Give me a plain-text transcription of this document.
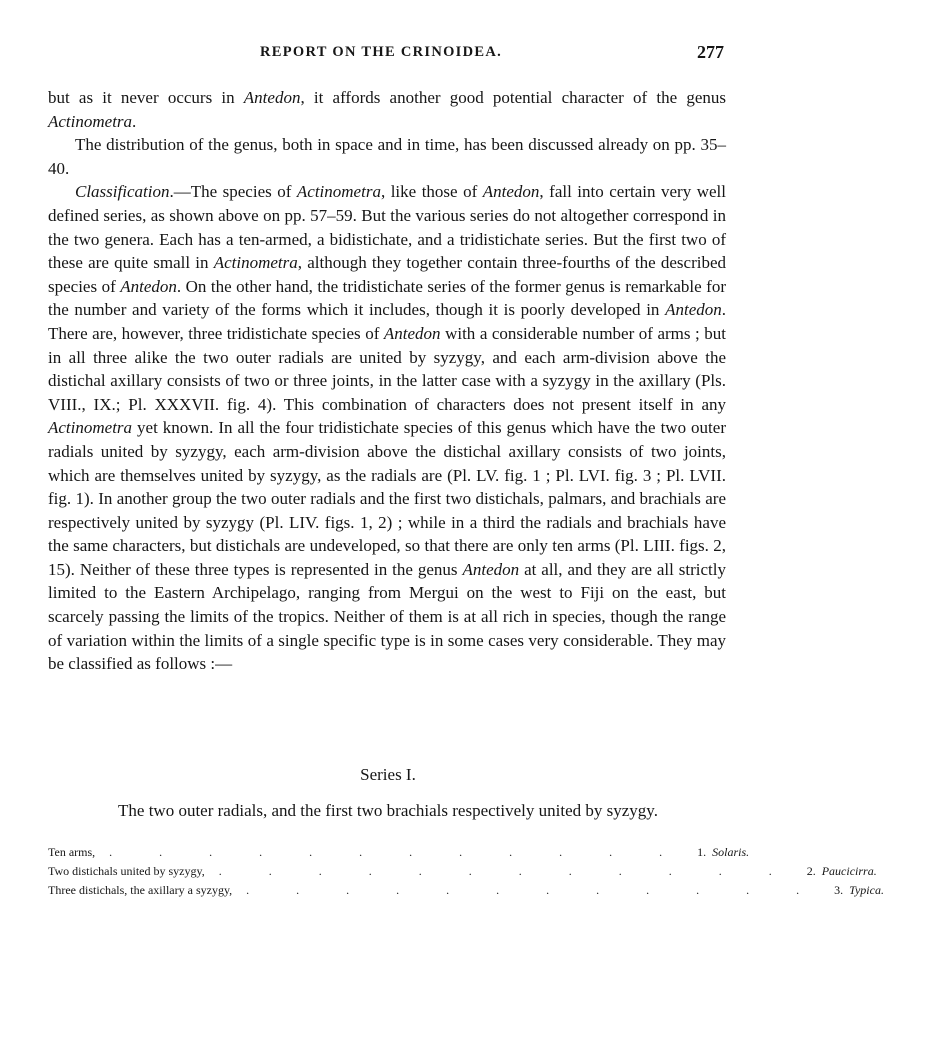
REPORT ON THE CRINOIDEA.	277

but as it never occurs in Antedon, it affords another good potential character of the genus Actinometra.

The distribution of the genus, both in space and in time, has been discussed already on pp. 35–40.

Classification.—The species of Actinometra, like those of Antedon, fall into certain very well defined series, as shown above on pp. 57–59. But the various series do not altogether correspond in the two genera. Each has a ten-armed, a bidistichate, and a tridistichate series. But the first two of these are quite small in Actinometra, although they together contain three-fourths of the described species of Antedon. On the other hand, the tridistichate series of the former genus is remarkable for the number and variety of the forms which it includes, though it is poorly developed in Antedon. There are, however, three tridistichate species of Antedon with a considerable number of arms ; but in all three alike the two outer radials are united by syzygy, and each arm-division above the distichal axillary consists of two or three joints, in the latter case with a syzygy in the axillary (Pls. VIII., IX.; Pl. XXXVII. fig. 4). This combination of characters does not present itself in any Actinometra yet known. In all the four tridistichate species of this genus which have the two outer radials united by syzygy, each arm-division above the distichal axillary consists of two joints, which are themselves united by syzygy, as the radials are (Pl. LV. fig. 1 ; Pl. LVI. fig. 3 ; Pl. LVII. fig. 1). In another group the two outer radials and the first two distichals, palmars, and brachials are respectively united by syzygy (Pl. LIV. figs. 1, 2) ; while in a third the radials and brachials have the same characters, but distichals are undeveloped, so that there are only ten arms (Pl. LIII. figs. 2, 15). Neither of these three types is represented in the genus Antedon at all, and they are all strictly limited to the Eastern Archipelago, ranging from Mergui on the west to Fiji on the east, but scarcely passing the limits of the tropics. Neither of them is at all rich in species, though the range of variation within the limits of a single specific type is in some cases very considerable. They may be classified as follows :—

Series I.
The two outer radials, and the first two brachials respectively united by syzygy.
Ten arms,	. . . . . . . . . . . .	1. Solaris.
Two distichals united by syzygy,	. . . . . . . . . . . .	2. Paucicirra.
Three distichals, the axillary a syzygy,	. . . . . . . . . . . .	3. Typica.
